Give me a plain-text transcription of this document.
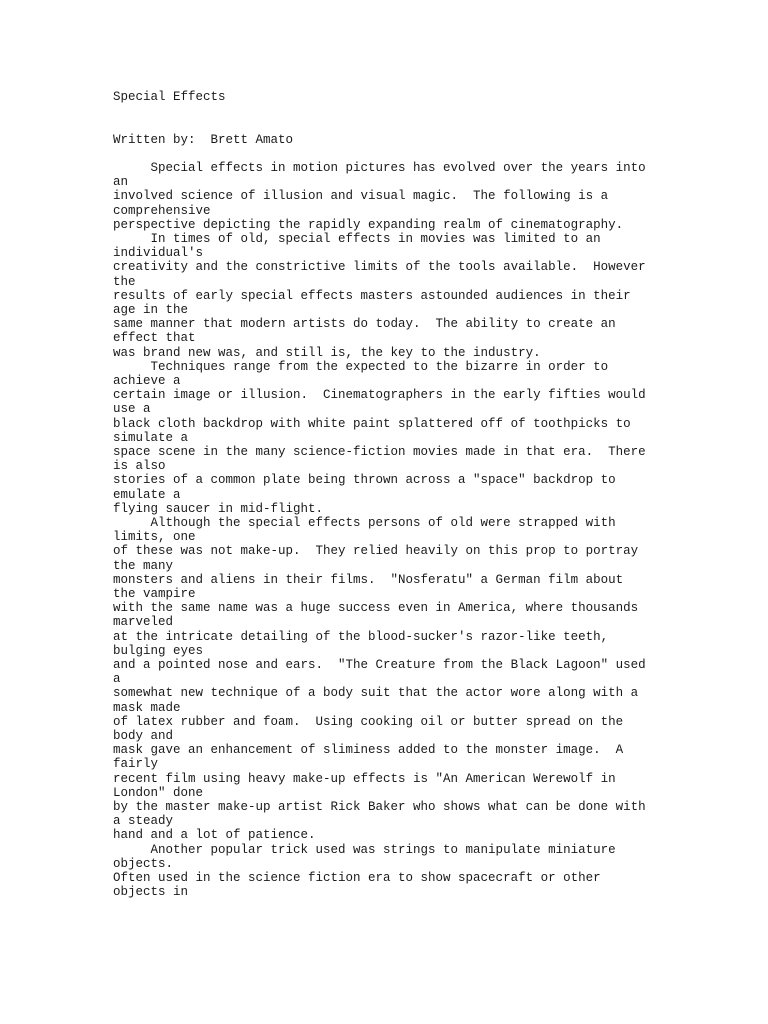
Special Effects

Written by:  Brett Amato

Special effects in motion pictures has evolved over the years into

an

involved science of illusion and visual magic.  The following is a

comprehensive

perspective depicting the rapidly expanding realm of cinematography.

In times of old, special effects in movies was limited to an

individual's

creativity and the constrictive limits of the tools available.  However

the

results of early special effects masters astounded audiences in their

age in the

same manner that modern artists do today.  The ability to create an

effect that

was brand new was, and still is, the key to the industry.

Techniques range from the expected to the bizarre in order to

achieve a

certain image or illusion.  Cinematographers in the early fifties would

use a

black cloth backdrop with white paint splattered off of toothpicks to

simulate a

space scene in the many science-fiction movies made in that era.  There

is also

stories of a common plate being thrown across a "space" backdrop to

emulate a

flying saucer in mid-flight.

Although the special effects persons of old were strapped with

limits, one

of these was not make-up.  They relied heavily on this prop to portray

the many

monsters and aliens in their films.  "Nosferatu" a German film about

the vampire

with the same name was a huge success even in America, where thousands

marveled

at the intricate detailing of the blood-sucker's razor-like teeth,

bulging eyes

and a pointed nose and ears.  "The Creature from the Black Lagoon" used

a

somewhat new technique of a body suit that the actor wore along with a

mask made

of latex rubber and foam.  Using cooking oil or butter spread on the

body and

mask gave an enhancement of sliminess added to the monster image.  A

fairly

recent film using heavy make-up effects is "An American Werewolf in

London" done

by the master make-up artist Rick Baker who shows what can be done with

a steady

hand and a lot of patience.

Another popular trick used was strings to manipulate miniature

objects.

Often used in the science fiction era to show spacecraft or other

objects in
